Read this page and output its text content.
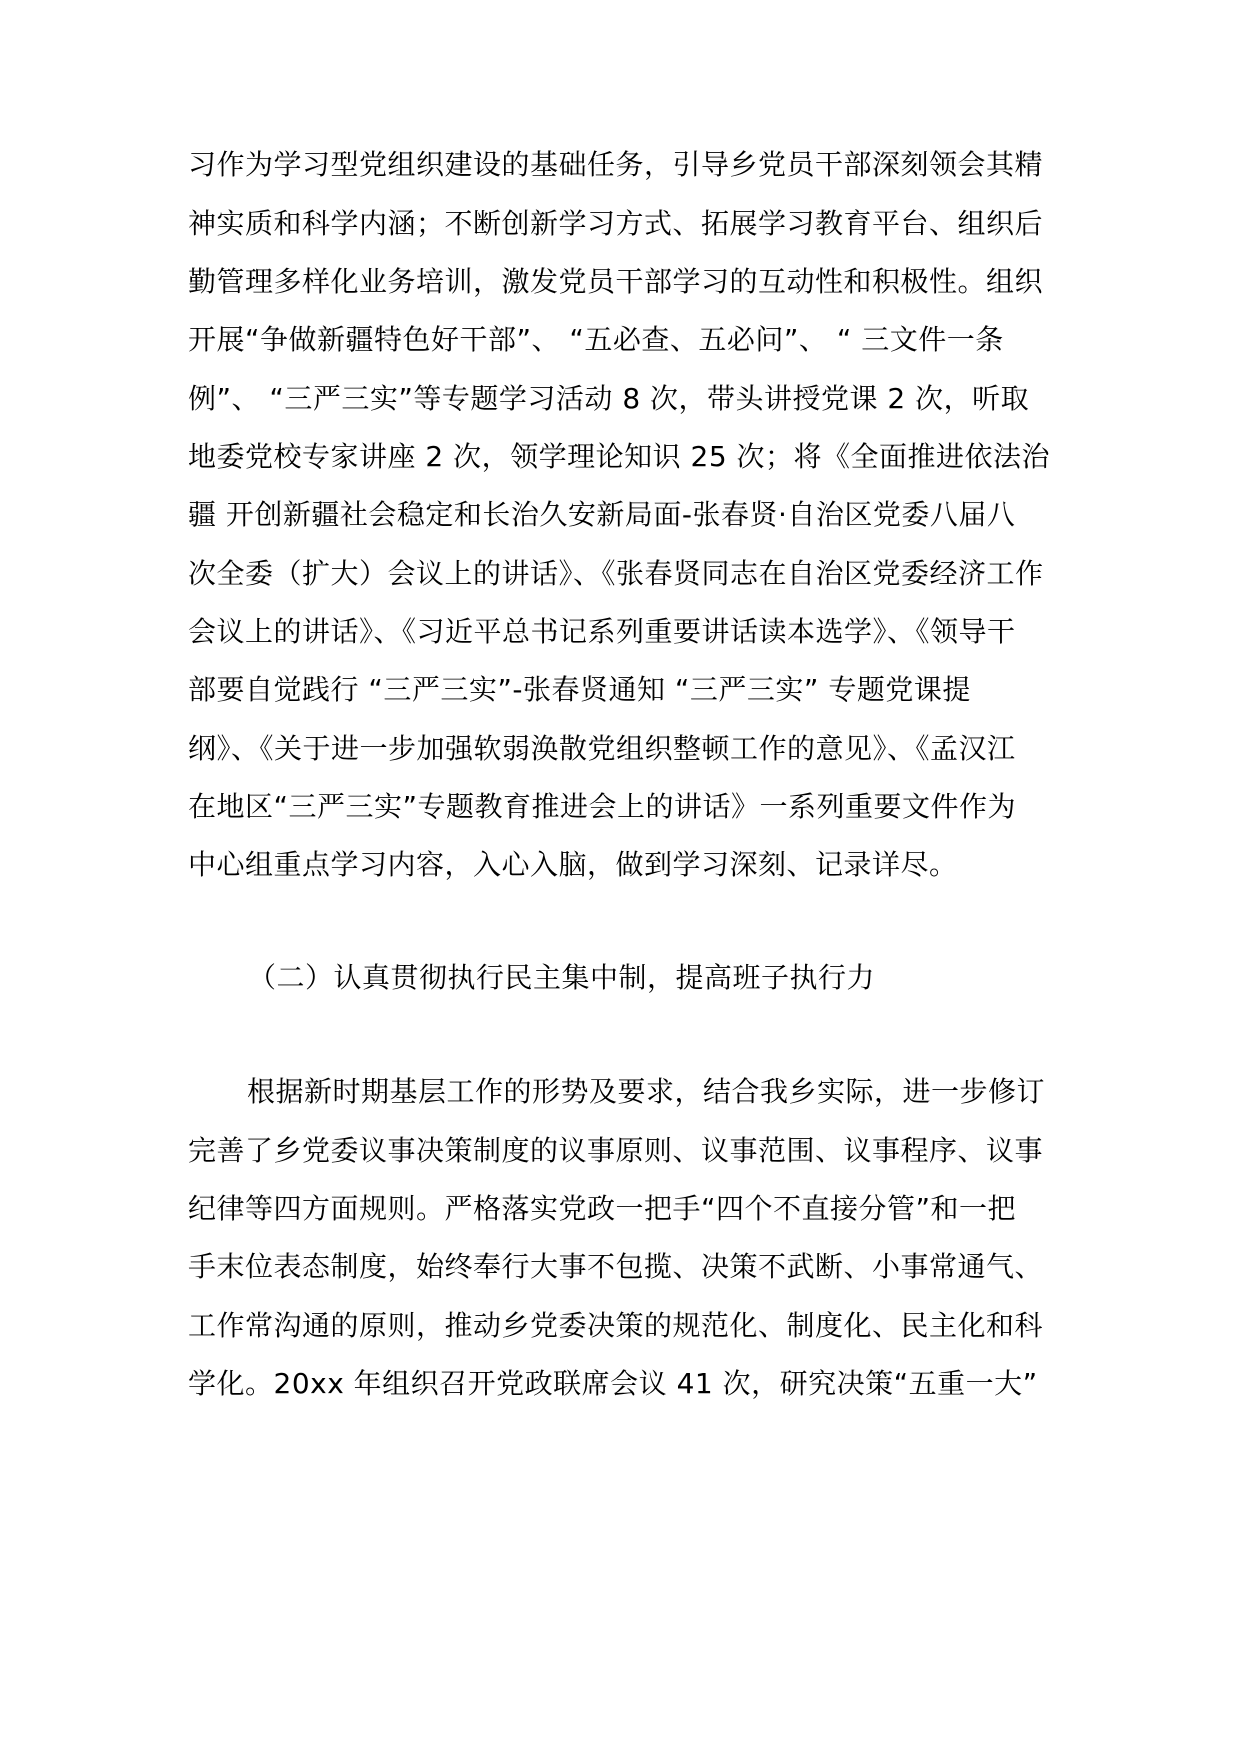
习作为学习型党组织建设的基础任务，引导乡党员干部深刻领会其精
神实质和科学内涵；不断创新学习方式、拓展学习教育平台、组织后
勤管理多样化业务培训，激发党员干部学习的互动性和积极性。组织
开展“争做新疆特色好干部”、 “五必查、五必问”、 “ 三文件一条
例”、 “三严三实”等专题学习活动 8 次，带头讲授党课 2 次，听取
地委党校专家讲座 2 次，领学理论知识 25 次；将《全面推进依法治
疆 开创新疆社会稳定和长治久安新局面-张春贤·自治区党委八届八
次全委（扩大）会议上的讲话》、《张春贤同志在自治区党委经济工作
会议上的讲话》、《习近平总书记系列重要讲话读本选学》、《领导干
部要自觉践行 “三严三实”-张春贤通知 “三严三实” 专题党课提
纲》、《关于进一步加强软弱涣散党组织整顿工作的意见》、《孟汉江
在地区“三严三实”专题教育推进会上的讲话》一系列重要文件作为
中心组重点学习内容，入心入脑，做到学习深刻、记录详尽。
（二）认真贯彻执行民主集中制，提高班子执行力
根据新时期基层工作的形势及要求，结合我乡实际，进一步修订
完善了乡党委议事决策制度的议事原则、议事范围、议事程序、议事
纪律等四方面规则。严格落实党政一把手“四个不直接分管”和一把
手末位表态制度，始终奉行大事不包揽、决策不武断、小事常通气、
工作常沟通的原则，推动乡党委决策的规范化、制度化、民主化和科
学化。20xx 年组织召开党政联席会议 41 次，研究决策“五重一大”
